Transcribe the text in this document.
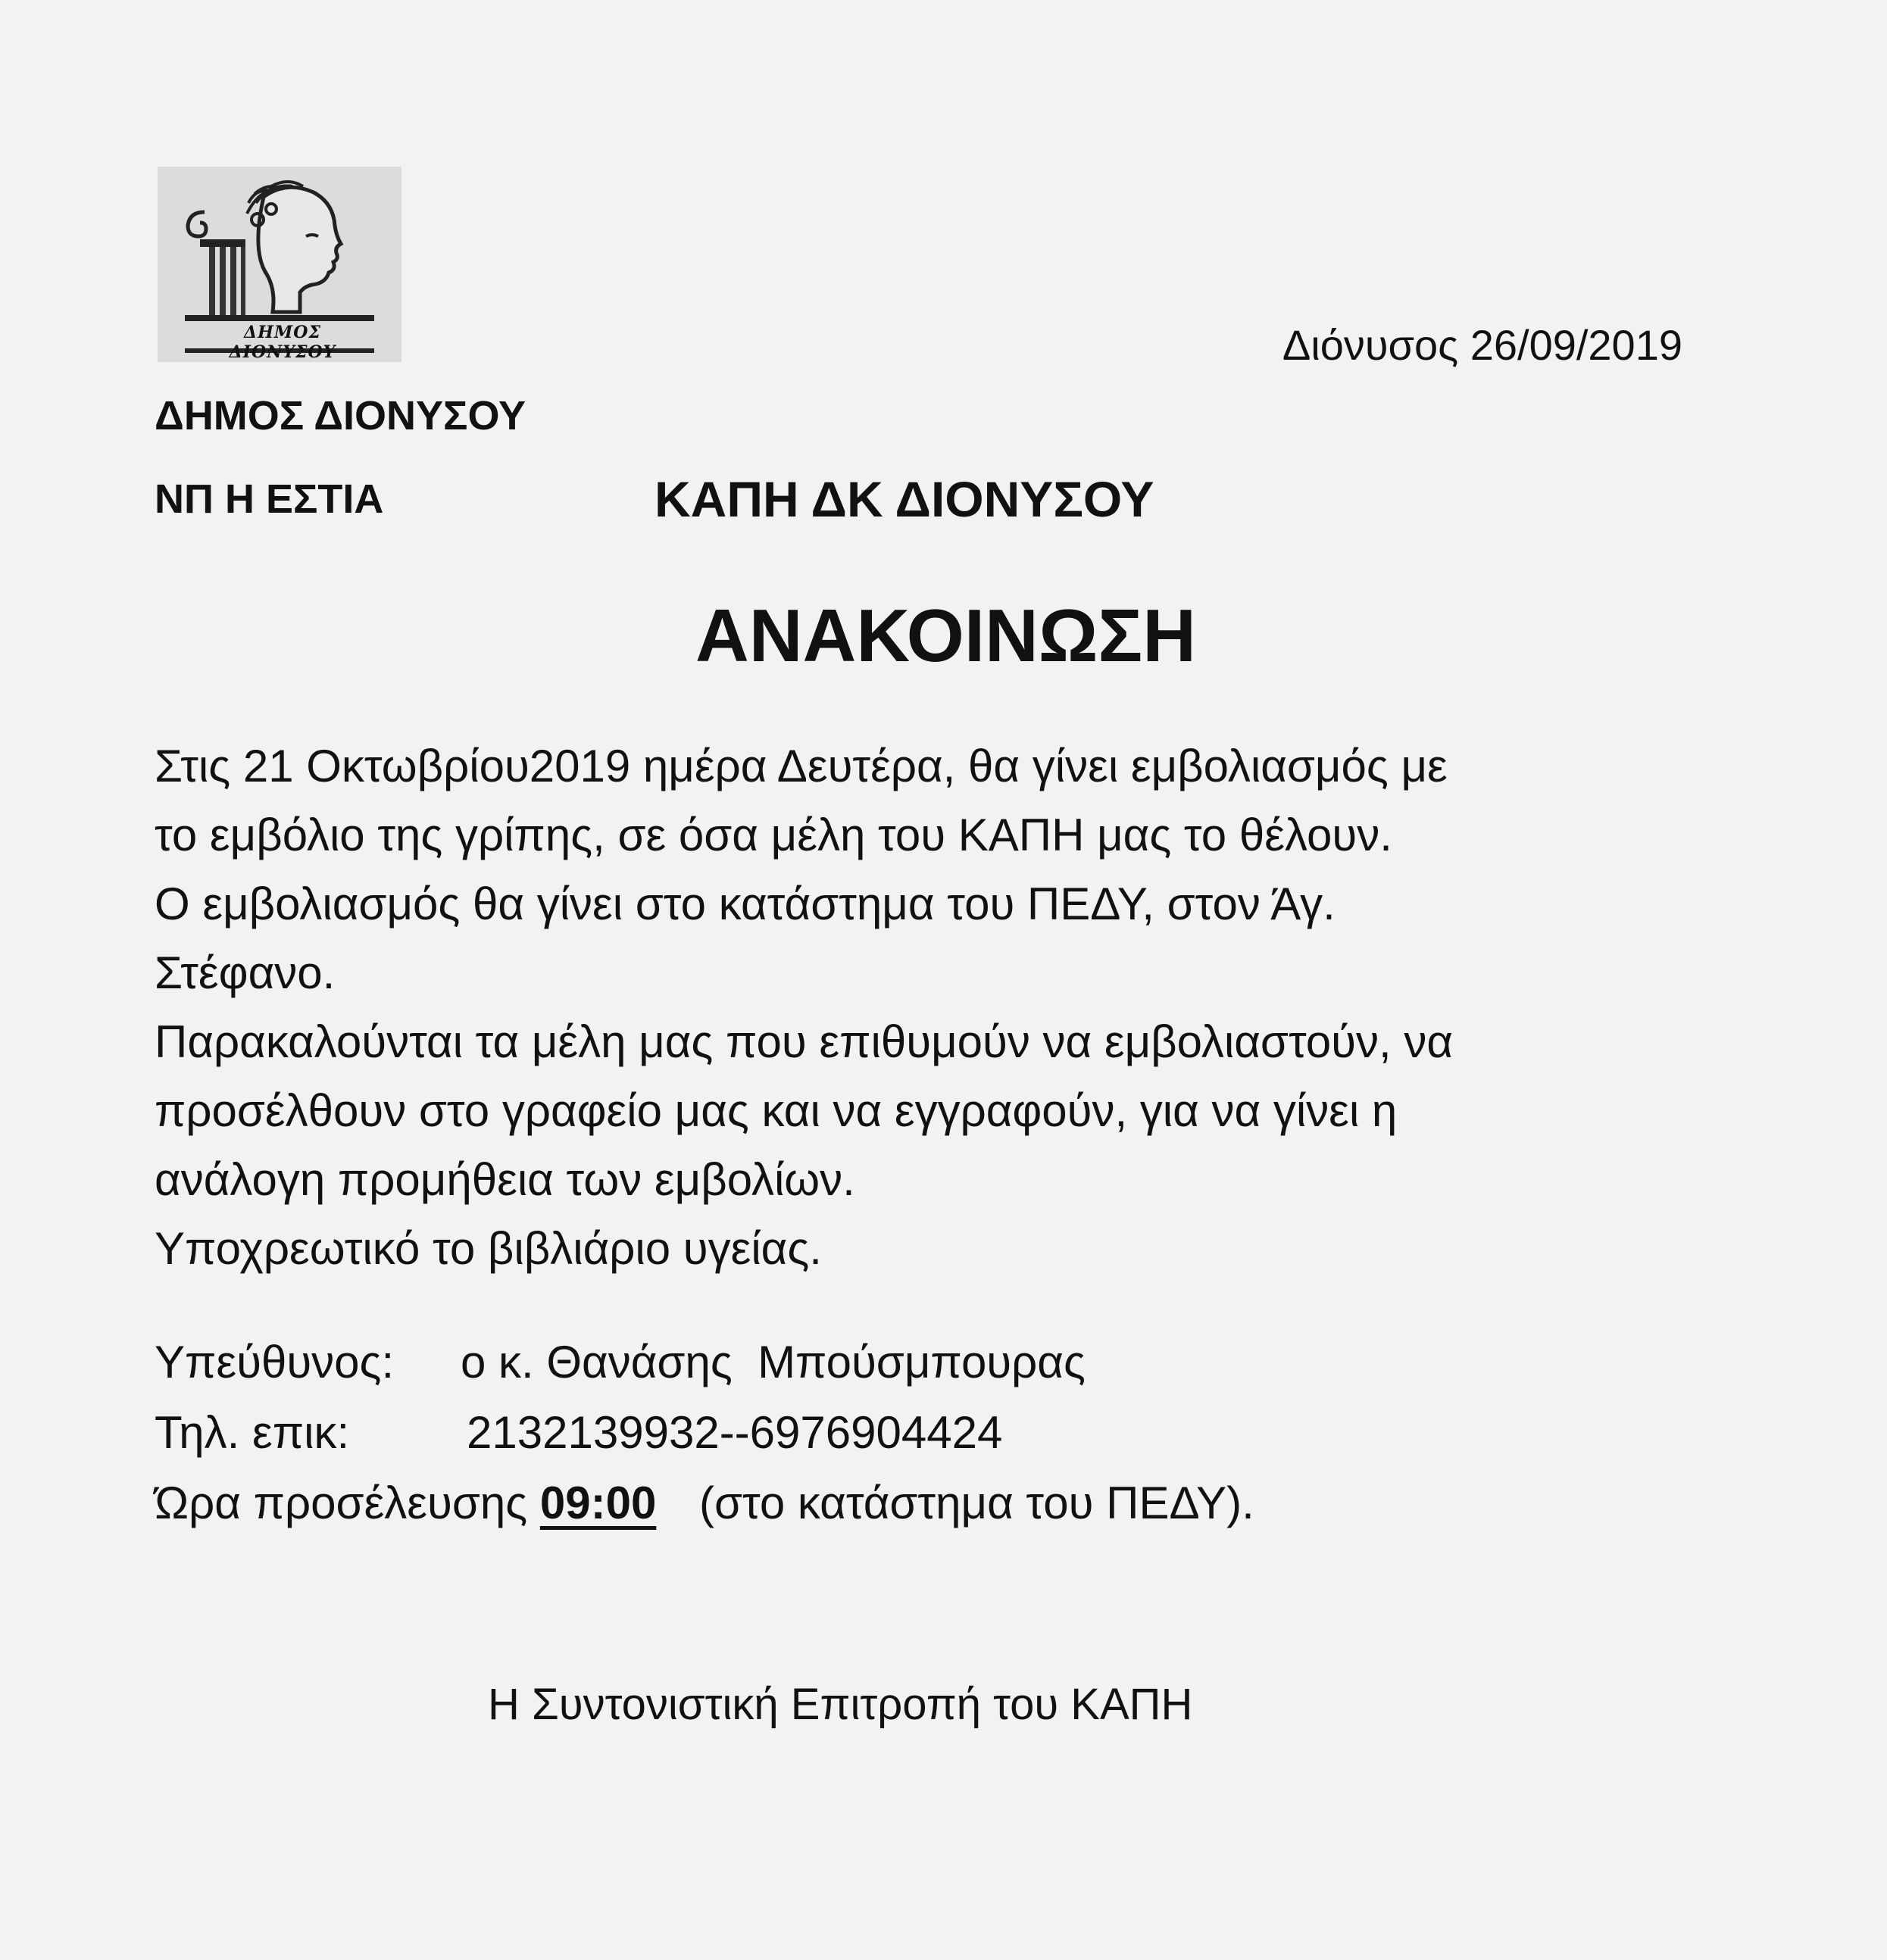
ΔΗΜΟΣ ΔΙΟΝΥΣΟΥ	Διόνυσος 26/09/2019
ΔΗΜΟΣ ΔΙΟΝΥΣΟΥ
ΝΠ Η ΕΣΤΙΑ	ΚΑΠΗ ΔΚ ΔΙΟΝΥΣΟΥ
ΑΝΑΚΟΙΝΩΣΗ
Στις 21 Οκτωβρίου2019 ημέρα Δευτέρα, θα γίνει εμβολιασμός με
το εμβόλιο της γρίπης, σε όσα μέλη του ΚΑΠΗ μας το θέλουν.
Ο εμβολιασμός θα γίνει στο κατάστημα του ΠΕΔΥ, στον Άγ.
Στέφανο.
Παρακαλούνται τα μέλη μας που επιθυμούν να εμβολιαστούν, να
προσέλθουν στο γραφείο μας και να εγγραφούν, για να γίνει η
ανάλογη προμήθεια των εμβολίων.
Υποχρεωτικό το βιβλιάριο υγείας.
Υπεύθυνος: ο κ. Θανάσης  Μπούσμπουρας
Τηλ. επικ:	2132139932--6976904424
Ώρα προσέλευσης 09:00 (στο κατάστημα του ΠΕΔΥ).
Η Συντονιστική Επιτροπή του ΚΑΠΗ
